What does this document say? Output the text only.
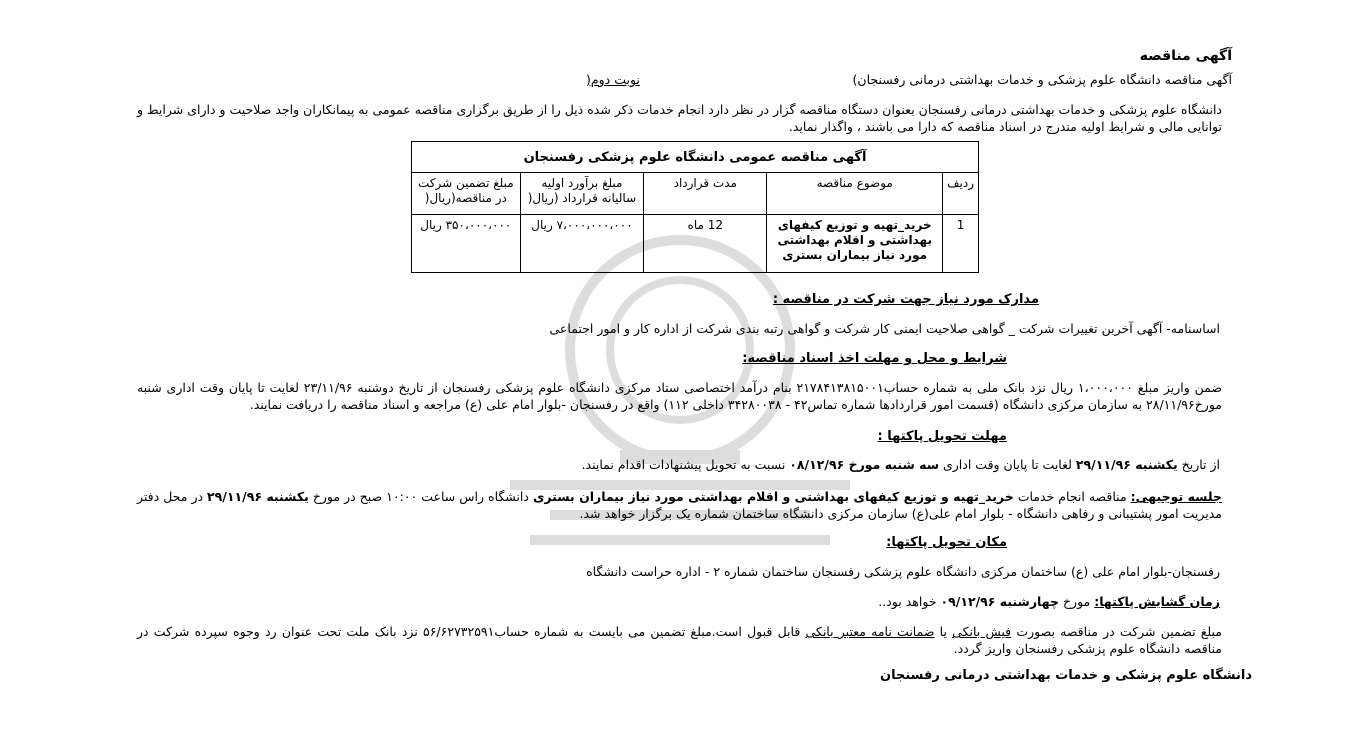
آگهی مناقصه
آگهی مناقصه دانشگاه علوم پزشکی و خدمات بهداشتی درمانی رفسنجان)
نوبت دوم(
دانشگاه علوم پزشکی و خدمات بهداشتی درمانی رفسنجان بعنوان دستگاه مناقصه گزار در نظر دارد انجام خدمات ذکر شده ذیل را از طریق برگزاری مناقصه عمومی به پیمانکاران واجد صلاحیت و دارای شرایط و توانایی مالی و شرایط اولیه مندرج در اسناد مناقصه که دارا می باشند ، واگذار نماید.
آگهی مناقصه عمومی دانشگاه علوم پزشکی رفسنجان				
ردیف	موضوع مناقصه	مدت قرارداد	مبلغ برآورد اولیه سالیانه قرارداد (ریال(	مبلغ تضمین شرکت در مناقصه(ریال(
1	خرید_تهیه و توزیع کیفهای بهداشتی و اقلام بهداشتی مورد نیاز بیماران بستری	12 ماه	۷،۰۰۰،۰۰۰،۰۰۰ ریال	۳۵۰،۰۰۰،۰۰۰ ریال
مدارک مورد نیاز جهت شرکت در مناقصه :
اساسنامه- آگهی آخرین تغییرات شرکت _ گواهی صلاحیت ایمنی کار شرکت و گواهی رتبه بندی شرکت از اداره کار و امور اجتماعی
شرایط و محل و مهلت اخذ اسناد مناقصه:
ضمن واریز مبلغ ۱،۰۰۰،۰۰۰ ریال نزد بانک ملی به شماره حساب۲۱۷۸۴۱۳۸۱۵۰۰۱ بنام درآمد اختصاصی ستاد مرکزی دانشگاه علوم پزشکی رفسنجان از تاریخ دوشنبه ۲۳/۱۱/۹۶ لغایت تا پایان وقت اداری شنبه مورخ۲۸/۱۱/۹۶ به سازمان مرکزی دانشگاه (قسمت امور قراردادها شماره تماس۴۲ - ۳۴۲۸۰۰۳۸ داخلی ۱۱۲) واقع در رفسنجان -بلوار امام علی (ع) مراجعه و اسناد مناقصه را دریافت نمایند.
مهلت تحویل پاکتها :
از تاریخ یکشنبه ۲۹/۱۱/۹۶ لغایت تا پایان وقت اداری سه شنبه مورخ ۰۸/۱۲/۹۶ نسبت به تحویل پیشنهادات اقدام نمایند.
جلسه توجیهی: مناقصه انجام خدمات خرید_تهیه و توزیع کیفهای بهداشتی و اقلام بهداشتی مورد نیاز بیماران بستری دانشگاه راس ساعت ۱۰:۰۰ صبح در مورخ یکشنبه ۲۹/۱۱/۹۶ در محل دفتر مدیریت امور پشتیبانی و رفاهی دانشگاه - بلوار امام علی(ع) سازمان مرکزی دانشگاه ساختمان شماره یک برگزار خواهد شد.
مکان تحویل پاکتها:
رفسنجان-بلوار امام علی (ع) ساختمان مرکزی دانشگاه علوم پزشکی رفسنجان ساختمان شماره ۲ - اداره حراست دانشگاه
زمان گشایش پاکتها: مورخ چهارشنبه ۰۹/۱۲/۹۶ خواهد بود..
مبلغ تضمین شرکت در مناقصه بصورت فیش بانکی یا ضمانت نامه معتبر بانکی قابل قبول است.مبلغ تضمین می بایست به شماره حساب۵۶/۶۲۷۳۲۵۹۱ نزد بانک ملت تحت عنوان رد وجوه سپرده شرکت در مناقصه دانشگاه علوم پزشکی رفسنجان واریز گردد.
دانشگاه علوم پزشکی و خدمات بهداشتی درمانی رفسنجان
